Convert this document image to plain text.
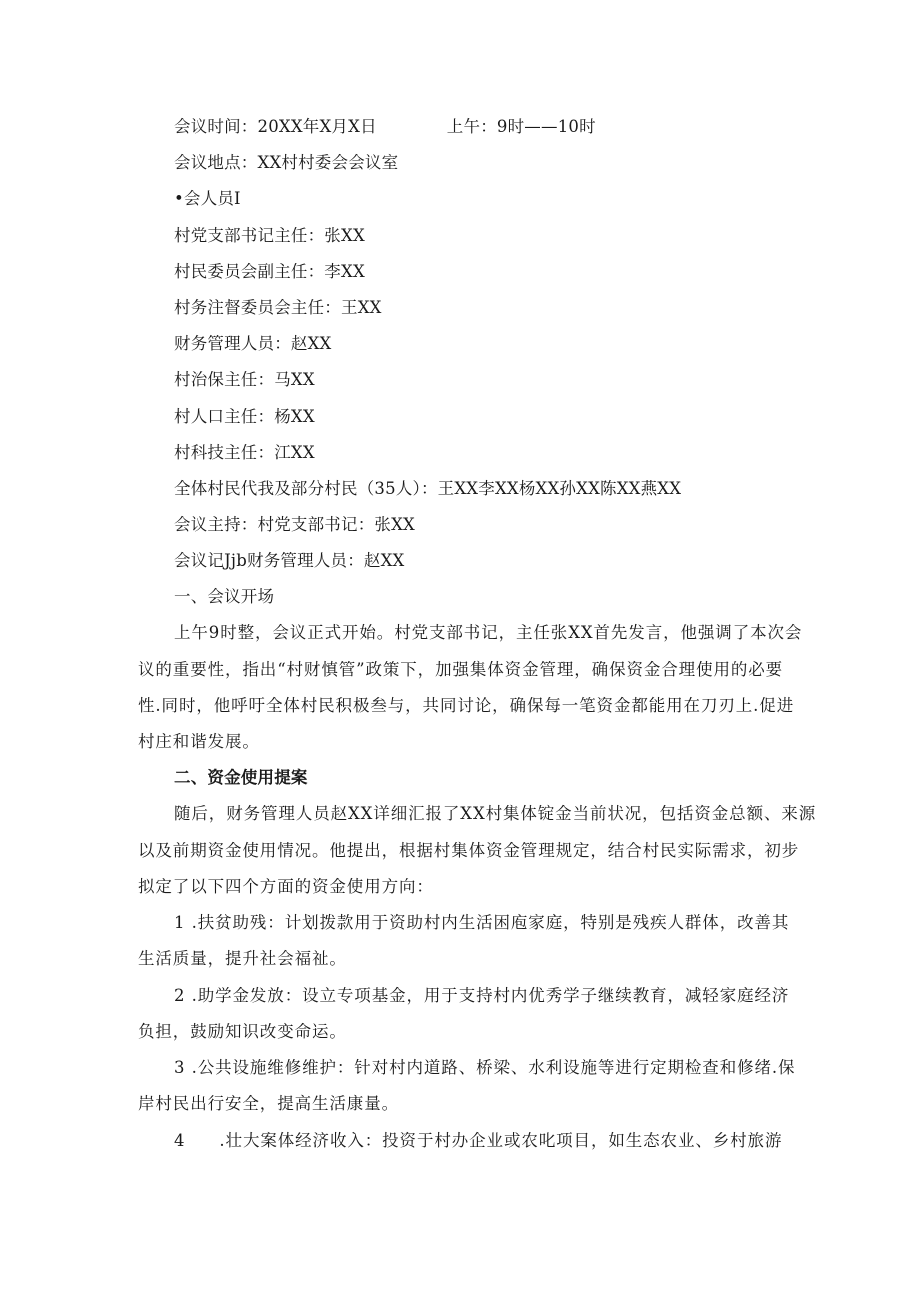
会议时间：20XX年X月X日	上午：9时——10时
会议地点：XX村村委会会议室
•会人员I
村党支部书记主任：张XX
村民委员会副主任：李XX
村务注督委员会主任：王XX
财务管理人员：赵XX
村治保主任：马XX
村人口主任：杨XX
村科技主任：江XX
全体村民代我及部分村民（35人）：王XX李XX杨XX孙XX陈XX燕XX
会议主持：村党支部书记：张XX
会议记Jjb财务管理人员：赵XX
一、会议开场
上午9时整，会议正式开始。村党支部书记，主任张XX首先发言，他强调了本次会
议的重要性，指出“村财慎管”政策下，加强集体资金管理，确保资金合理使用的必要
性.同时，他呼吁全体村民积极叁与，共同讨论，确保每一笔资金都能用在刀刃上.促进
村庄和谐发展。
二、资金使用提案
随后，财务管理人员赵XX详细汇报了XX村集体锭金当前状况，包括资金总额、来源
以及前期资金使用情况。他提出，根据村集体资金管理规定，结合村民实际需求，初步
拟定了以下四个方面的资金使用方向：
1 .扶贫助残：计划拨款用于资助村内生活困庖家庭，特别是残疾人群体，改善其
生活质量，提升社会福祉。
2 .助学金发放：设立专项基金，用于支持村内优秀学子继续教育，减轻家庭经济
负担，鼓励知识改变命运。
3 .公共设施维修维护：针对村内道路、桥梁、水利设施等进行定期检查和修绪.保
岸村民出行安全，提高生活康量。
4 .壮大案体经济收入：投资于村办企业或农叱项目，如生态农业、乡村旅游
